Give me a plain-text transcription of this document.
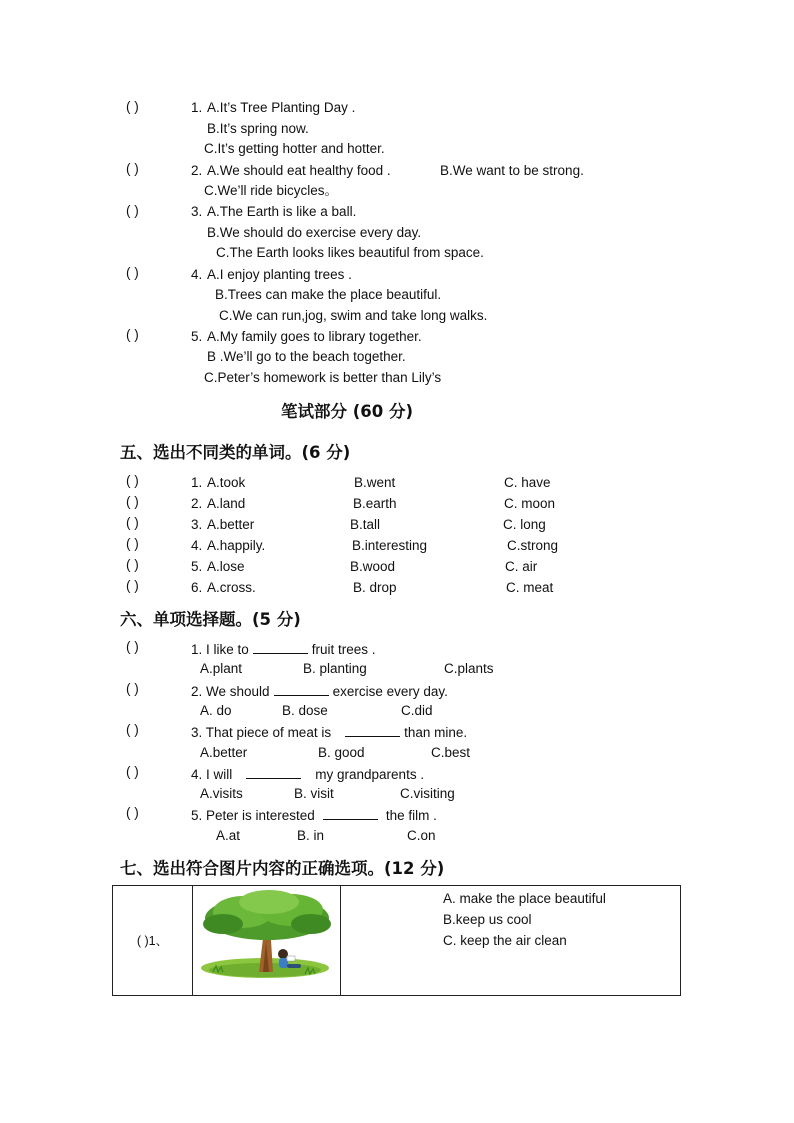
( )	1. A.It’s Tree Planting Day .
B.It’s spring now.
C.It’s getting hotter and hotter.
( )	2. A.We should eat healthy food .	B.We want to be strong.
C.We’ll ride bicycles。
( )	3. A.The Earth is like a ball.
B.We should do exercise every day.
C.The Earth looks likes beautiful from space.
( )	4. A.I enjoy planting trees .
B.Trees can make the place beautiful.
C.We can run,jog, swim and take long walks.
( )	5. A.My family goes to library together.
B .We’ll go to the beach together.
C.Peter’s homework is better than Lily’s
笔试部分 (60 分)
五、选出不同类的单词。(6 分)
( )	1. A.took	B.went	C. have
( )	2. A.land	B.earth	C. moon
( )	3. A.better	B.tall	C. long
( )	4. A.happily.	B.interesting	C.strong
( )	5. A.lose	B.wood	C. air
( )	6. A.cross.	B. drop	C. meat
六、单项选择题。(5 分)
( )	1. I like to	fruit trees .
A.plant	B. planting	C.plants
( )	2. We should	exercise every day.
A. do	B. dose	C.did
( )	3. That piece of meat is	than mine.
A.better	B. good	C.best
( )	4. I will	my grandparents .
A.visits	B. visit	C.visiting
( )	5. Peter is interested	the film .
A.at	B. in	C.on
七、选出符合图片内容的正确选项。(12 分)
( )1、		
A. make the place beautiful
B.keep us cool
C. keep the air clean
